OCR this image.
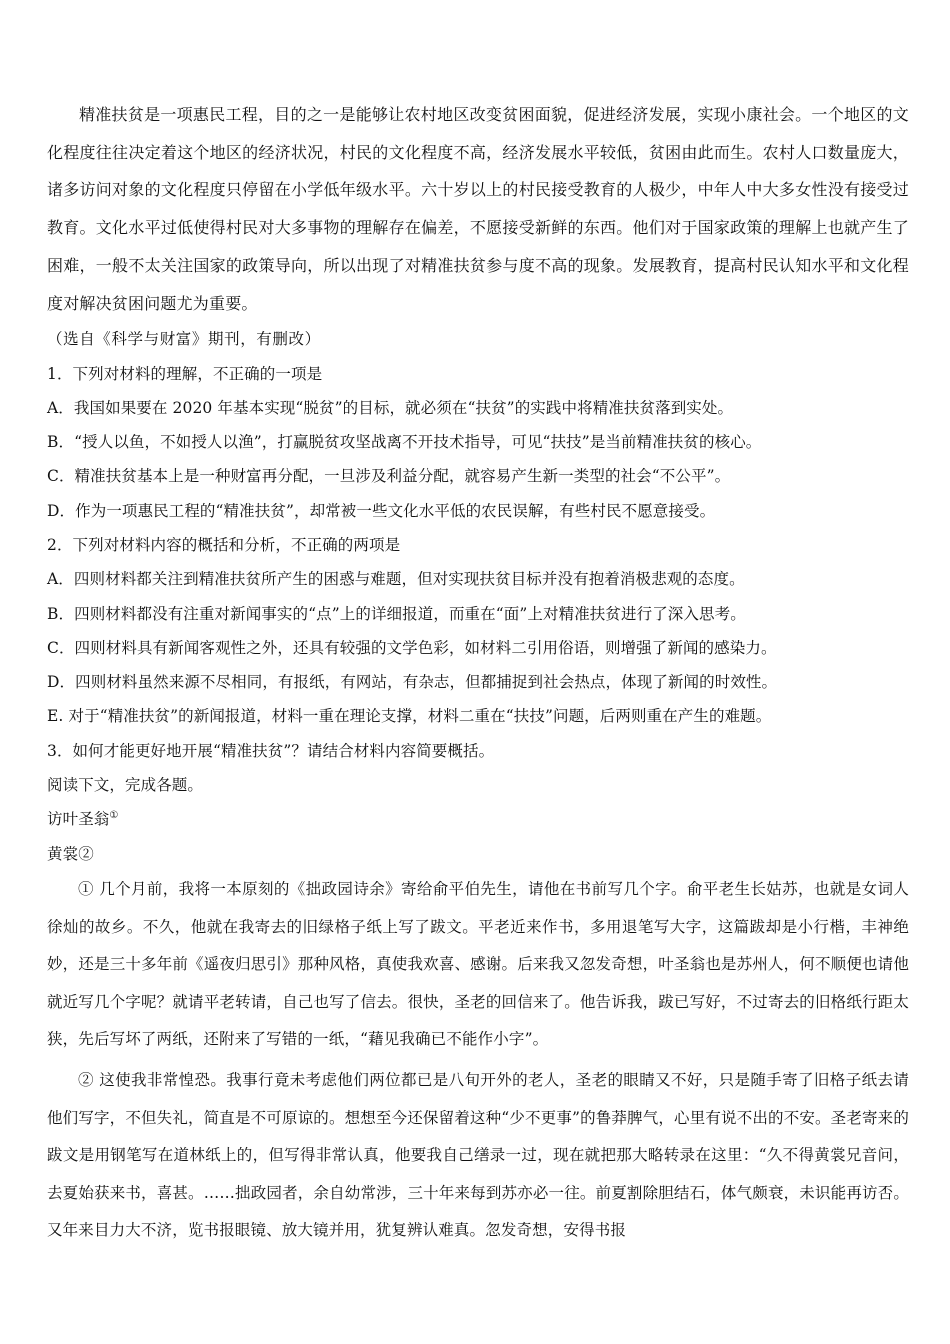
精准扶贫是一项惠民工程，目的之一是能够让农村地区改变贫困面貌，促进经济发展，实现小康社会。一个地区的文化程度往往决定着这个地区的经济状况，村民的文化程度不高，经济发展水平较低，贫困由此而生。农村人口数量庞大，诸多访问对象的文化程度只停留在小学低年级水平。六十岁以上的村民接受教育的人极少，中年人中大多女性没有接受过教育。文化水平过低使得村民对大多事物的理解存在偏差，不愿接受新鲜的东西。他们对于国家政策的理解上也就产生了困难，一般不太关注国家的政策导向，所以出现了对精准扶贫参与度不高的现象。发展教育，提高村民认知水平和文化程度对解决贫困问题尤为重要。

（选自《科学与财富》期刊，有删改）

1．下列对材料的理解，不正确的一项是

A．我国如果要在 2020 年基本实现“脱贫”的目标，就必须在“扶贫”的实践中将精准扶贫落到实处。

B．“授人以鱼，不如授人以渔”，打赢脱贫攻坚战离不开技术指导，可见“扶技”是当前精准扶贫的核心。

C．精准扶贫基本上是一种财富再分配，一旦涉及利益分配，就容易产生新一类型的社会“不公平”。

D．作为一项惠民工程的“精准扶贫”，却常被一些文化水平低的农民误解，有些村民不愿意接受。

2．下列对材料内容的概括和分析，不正确的两项是

A．四则材料都关注到精准扶贫所产生的困惑与难题，但对实现扶贫目标并没有抱着消极悲观的态度。

B．四则材料都没有注重对新闻事实的“点”上的详细报道，而重在“面”上对精准扶贫进行了深入思考。

C．四则材料具有新闻客观性之外，还具有较强的文学色彩，如材料二引用俗语，则增强了新闻的感染力。

D．四则材料虽然来源不尽相同，有报纸，有网站，有杂志，但都捕捉到社会热点，体现了新闻的时效性。

E. 对于“精准扶贫”的新闻报道，材料一重在理论支撑，材料二重在“扶技”问题，后两则重在产生的难题。

3．如何才能更好地开展“精准扶贫”？请结合材料内容简要概括。

阅读下文，完成各题。

访叶圣翁①

黄裳②

① 几个月前，我将一本原刻的《拙政园诗余》寄给俞平伯先生，请他在书前写几个字。俞平老生长姑苏，也就是女词人徐灿的故乡。不久，他就在我寄去的旧绿格子纸上写了跋文。平老近来作书，多用退笔写大字，这篇跋却是小行楷，丰神绝妙，还是三十多年前《遥夜归思引》那种风格，真使我欢喜、感谢。后来我又忽发奇想，叶圣翁也是苏州人，何不顺便也请他就近写几个字呢？就请平老转请，自己也写了信去。很快，圣老的回信来了。他告诉我，跋已写好，不过寄去的旧格纸行距太狭，先后写坏了两纸，还附来了写错的一纸，“藉见我确已不能作小字”。

② 这使我非常惶恐。我事行竟未考虑他们两位都已是八旬开外的老人，圣老的眼睛又不好，只是随手寄了旧格子纸去请他们写字，不但失礼，简直是不可原谅的。想想至今还保留着这种“少不更事”的鲁莽脾气，心里有说不出的不安。圣老寄来的跋文是用钢笔写在道林纸上的，但写得非常认真，他要我自己缮录一过，现在就把那大略转录在这里：“久不得黄裳兄音问，去夏始获来书，喜甚。……拙政园者，余自幼常涉，三十年来每到苏亦必一往。前夏割除胆结石，体气颇衰，未识能再访否。又年来目力大不济，览书报眼镜、放大镜并用，犹复辨认难真。忽发奇想，安得书报
